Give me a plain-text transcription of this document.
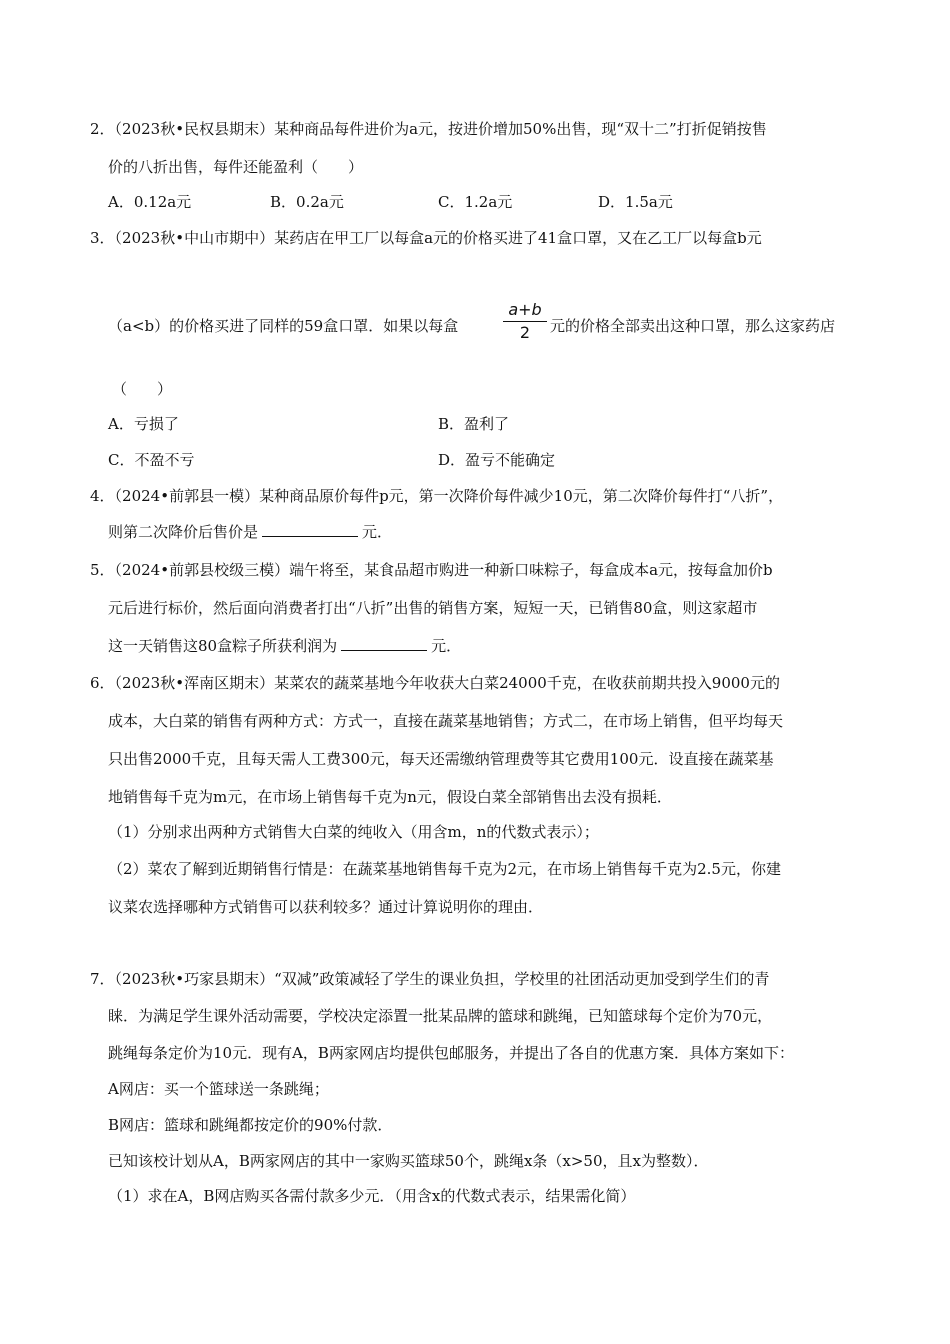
2．（2023秋•民权县期末）某种商品每件进价为a元，按进价增加50%出售，现“双十二”打折促销按售
价的八折出售，每件还能盈利（　　）
A．0.12a元	B．0.2a元	C．1.2a元	D．1.5a元
3．（2023秋•中山市期中）某药店在甲工厂以每盒a元的价格买进了41盒口罩，又在乙工厂以每盒b元
（a<b）的价格买进了同样的59盒口罩．如果以每盒
a+b
2	元的价格全部卖出这种口罩，那么这家药店
（　　）
A．亏损了	B．盈利了
C．不盈不亏	D．盈亏不能确定
4．（2024•前郭县一模）某种商品原价每件p元，第一次降价每件减少10元，第二次降价每件打“八折”，
则第二次降价后售价是	元．
5．（2024•前郭县校级三模）端午将至，某食品超市购进一种新口味粽子，每盒成本a元，按每盒加价b
元后进行标价，然后面向消费者打出“八折”出售的销售方案，短短一天，已销售80盒，则这家超市
这一天销售这80盒粽子所获利润为	元．
6．（2023秋•浑南区期末）某菜农的蔬菜基地今年收获大白菜24000千克，在收获前期共投入9000元的
成本，大白菜的销售有两种方式：方式一，直接在蔬菜基地销售；方式二，在市场上销售，但平均每天
只出售2000千克，且每天需人工费300元，每天还需缴纳管理费等其它费用100元．设直接在蔬菜基
地销售每千克为m元，在市场上销售每千克为n元，假设白菜全部销售出去没有损耗．
（1）分别求出两种方式销售大白菜的纯收入（用含m，n的代数式表示）；
（2）菜农了解到近期销售行情是：在蔬菜基地销售每千克为2元，在市场上销售每千克为2.5元，你建
议菜农选择哪种方式销售可以获利较多？通过计算说明你的理由．
7．（2023秋•巧家县期末）“双减”政策减轻了学生的课业负担，学校里的社团活动更加受到学生们的青
睐．为满足学生课外活动需要，学校决定添置一批某品牌的篮球和跳绳，已知篮球每个定价为70元，
跳绳每条定价为10元．现有A，B两家网店均提供包邮服务，并提出了各自的优惠方案．具体方案如下：
A网店：买一个篮球送一条跳绳；
B网店：篮球和跳绳都按定价的90%付款．
已知该校计划从A，B两家网店的其中一家购买篮球50个，跳绳x条（x>50，且x为整数）．
（1）求在A，B网店购买各需付款多少元．（用含x的代数式表示，结果需化简）
